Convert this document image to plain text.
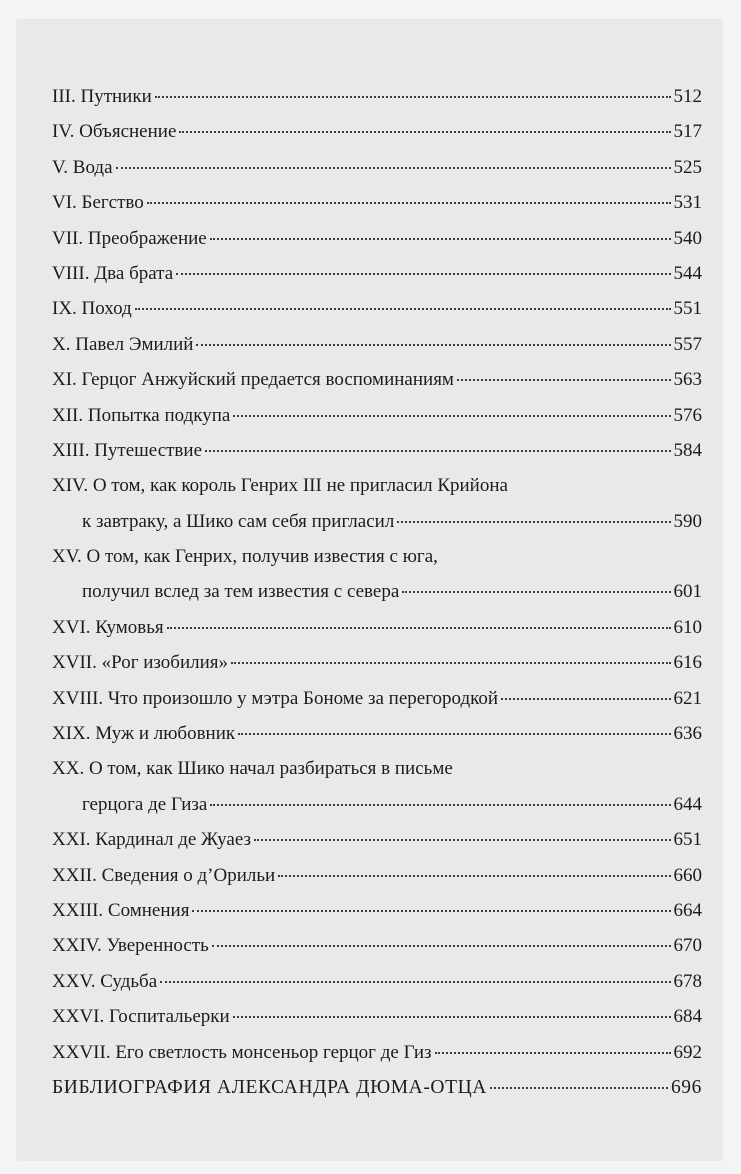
III. Путники	512
IV. Объяснение	517
V. Вода	525
VI. Бегство	531
VII. Преображение	540
VIII. Два брата	544
IX. Поход	551
X. Павел Эмилий	557
XI. Герцог Анжуйский предается воспоминаниям	563
XII. Попытка подкупа	576
XIII. Путешествие	584
XIV. О том, как король Генрих III не пригласил Крийона
к завтраку, а Шико сам себя пригласил	590
XV. О том, как Генрих, получив известия с юга,
получил вслед за тем известия с севера	601
XVI. Кумовья	610
XVII. «Рог изобилия»	616
XVIII. Что произошло у мэтра Бономе за перегородкой	621
XIX. Муж и любовник	636
XX. О том, как Шико начал разбираться в письме
герцога де Гиза	644
XXI. Кардинал де Жуаез	651
XXII. Сведения о д’Орильи	660
XXIII. Сомнения	664
XXIV. Уверенность	670
XXV. Судьба	678
XXVI. Госпитальерки	684
XXVII. Его светлость монсеньор герцог де Гиз	692
БИБЛИОГРАФИЯ АЛЕКСАНДРА ДЮМА-ОТЦА	696
